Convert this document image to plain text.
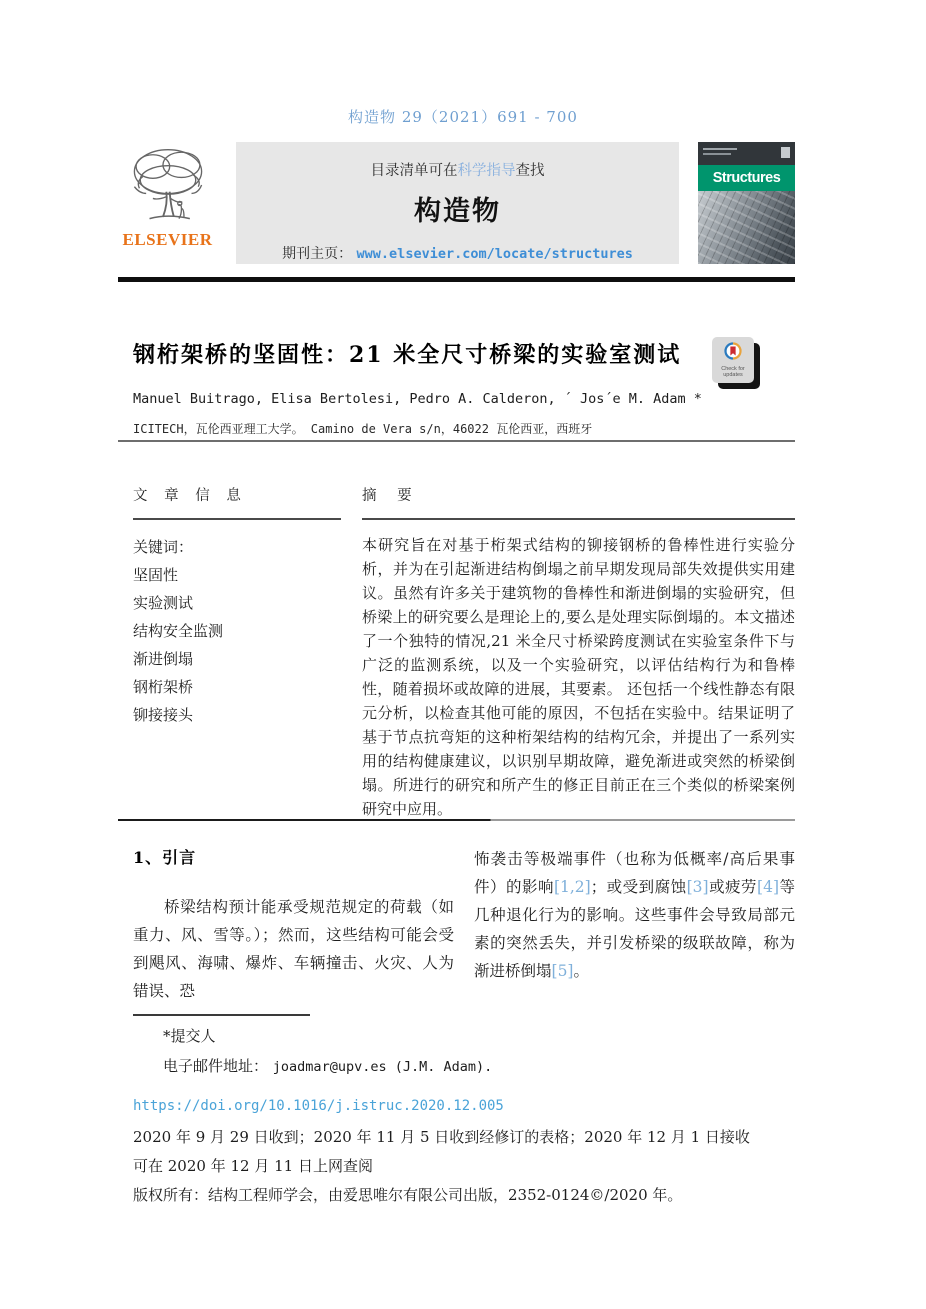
构造物 29（2021）691 - 700
ELSEVIER
目录清单可在科学指导查找
构造物
期刊主页： www.elsevier.com/locate/structures
Structures
钢桁架桥的坚固性：21 米全尺寸桥梁的实验室测试
Check for
updates
Manuel Buitrago, Elisa Bertolesi, Pedro A. Calderon, ´ Jos´e M. Adam *
ICITECH，瓦伦西亚理工大学。 Camino de Vera s/n，46022 瓦伦西亚，西班牙
文 章 信 息
关键词：
坚固性
实验测试
结构安全监测
渐进倒塌
钢桁架桥
铆接接头
摘 要
本研究旨在对基于桁架式结构的铆接钢桥的鲁棒性进行实验分析，并为在引起渐进结构倒塌之前早期发现局部失效提供实用建议。虽然有许多关于建筑物的鲁棒性和渐进倒塌的实验研究，但桥梁上的研究要么是理论上的,要么是处理实际倒塌的。本文描述了一个独特的情况,21 米全尺寸桥梁跨度测试在实验室条件下与广泛的监测系统，以及一个实验研究，以评估结构行为和鲁棒性，随着损坏或故障的进展，其要素。 还包括一个线性静态有限元分析，以检查其他可能的原因，不包括在实验中。结果证明了基于节点抗弯矩的这种桁架结构的结构冗余，并提出了一系列实用的结构健康建议，以识别早期故障，避免渐进或突然的桥梁倒塌。所进行的研究和所产生的修正目前正在三个类似的桥梁案例研究中应用。
1、引言

桥梁结构预计能承受规范规定的荷载（如重力、风、雪等。）；然而，这些结构可能会受到飓风、海啸、爆炸、车辆撞击、火灾、人为错误、恐

怖袭击等极端事件（也称为低概率/高后果事件）的影响[1,2]；或受到腐蚀[3]或疲劳[4]等几种退化行为的影响。这些事件会导致局部元素的突然丢失，并引发桥梁的级联故障，称为渐进桥倒塌[5]。

*提交人

电子邮件地址： joadmar@upv.es (J.M. Adam).

https://doi.org/10.1016/j.istruc.2020.12.005

2020 年 9 月 29 日收到；2020 年 11 月 5 日收到经修订的表格；2020 年 12 月 1 日接收

可在 2020 年 12 月 11 日上网查阅

版权所有：结构工程师学会，由爱思唯尔有限公司出版，2352-0124©/2020 年。
